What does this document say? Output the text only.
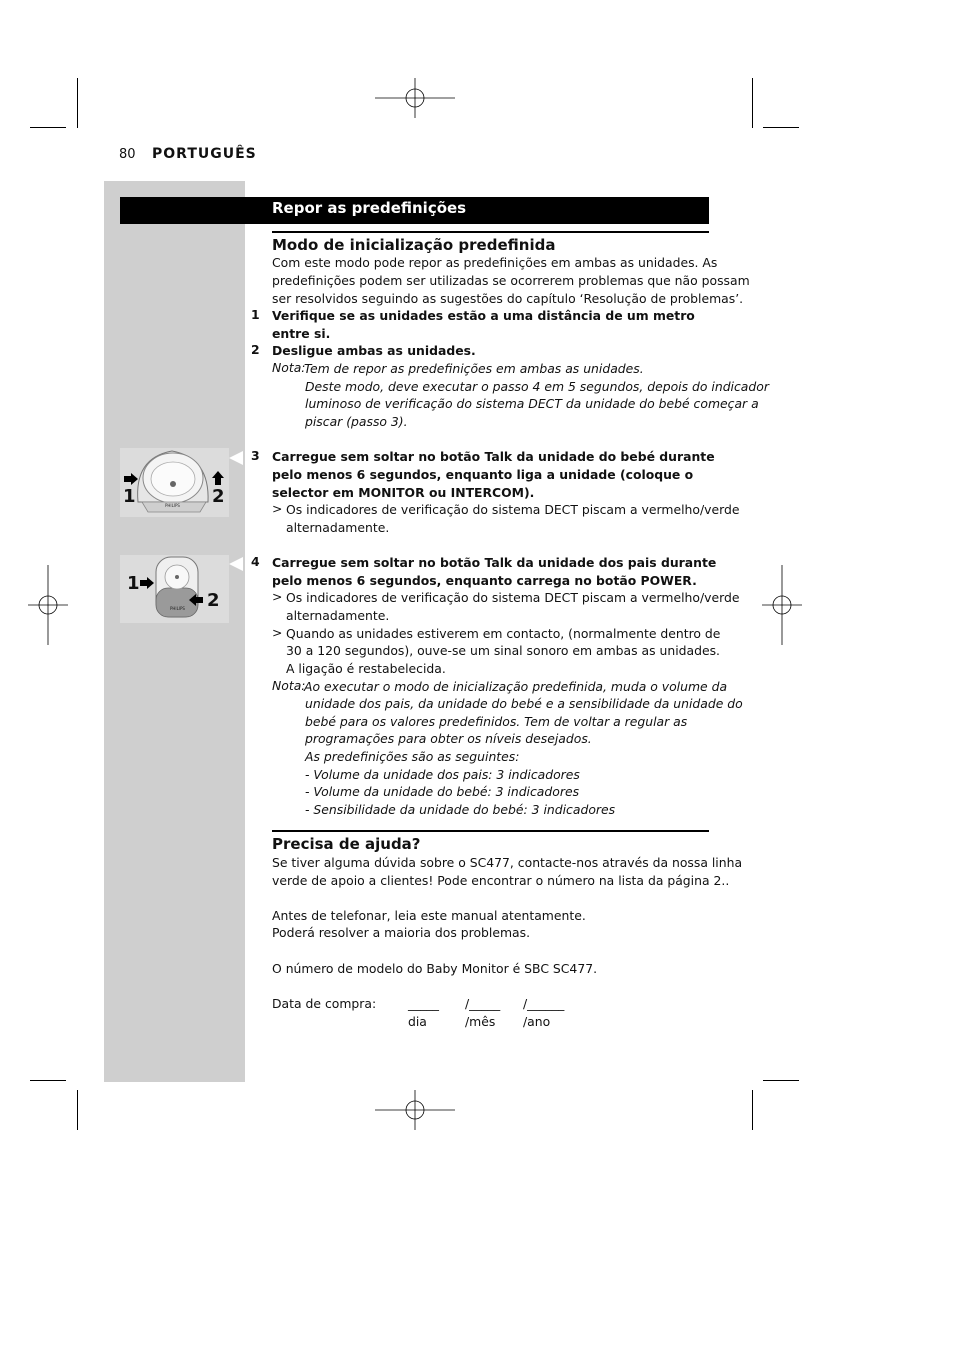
80 PORTUGUÊS
Repor as predefinições
Modo de inicialização predefinida
Com este modo pode repor as predefinições em ambas as unidades. As
predefinições podem ser utilizadas se ocorrerem problemas que não possam
ser resolvidos seguindo as sugestões do capítulo ‘Resolução de problemas’.
1 Verifique se as unidades estão a uma distância de um metro
entre si.
2 Desligue ambas as unidades.
Nota:
Tem de repor as predefinições em ambas as unidades.
Deste modo, deve executar o passo 4 em 5 segundos, depois do indicador
luminoso de verificação do sistema DECT da unidade do bebé começar a
piscar (passo 3).
1	2
PHILIPS
3 Carregue sem soltar no botão Talk da unidade do bebé durante
pelo menos 6 segundos, enquanto liga a unidade (coloque o
selector em MONITOR ou INTERCOM).
> Os indicadores de verificação do sistema DECT piscam a vermelho/verde
alternadamente.
1
2
PHILIPS
4 Carregue sem soltar no botão Talk da unidade dos pais durante
pelo menos 6 segundos, enquanto carrega no botão POWER.
> Os indicadores de verificação do sistema DECT piscam a vermelho/verde
alternadamente.
> Quando as unidades estiverem em contacto, (normalmente dentro de
30 a 120 segundos), ouve-se um sinal sonoro em ambas as unidades.
A ligação é restabelecida.
Nota:
Ao executar o modo de inicialização predefinida, muda o volume da
unidade dos pais, da unidade do bebé e a sensibilidade da unidade do
bebé para os valores predefinidos. Tem de voltar a regular as
programações para obter os níveis desejados.
As predefinições são as seguintes:
- Volume da unidade dos pais: 3 indicadores
- Volume da unidade do bebé: 3 indicadores
- Sensibilidade da unidade do bebé: 3 indicadores
Precisa de ajuda?
Se tiver alguma dúvida sobre o SC477, contacte-nos através da nossa linha
verde de apoio a clientes! Pode encontrar o número na lista da página 2..
Antes de telefonar, leia este manual atentamente.
Poderá resolver a maioria dos problemas.
O número de modelo do Baby Monitor é SBC SC477.
Data de compra:	_____ /_____ /______
dia	/mês /ano
